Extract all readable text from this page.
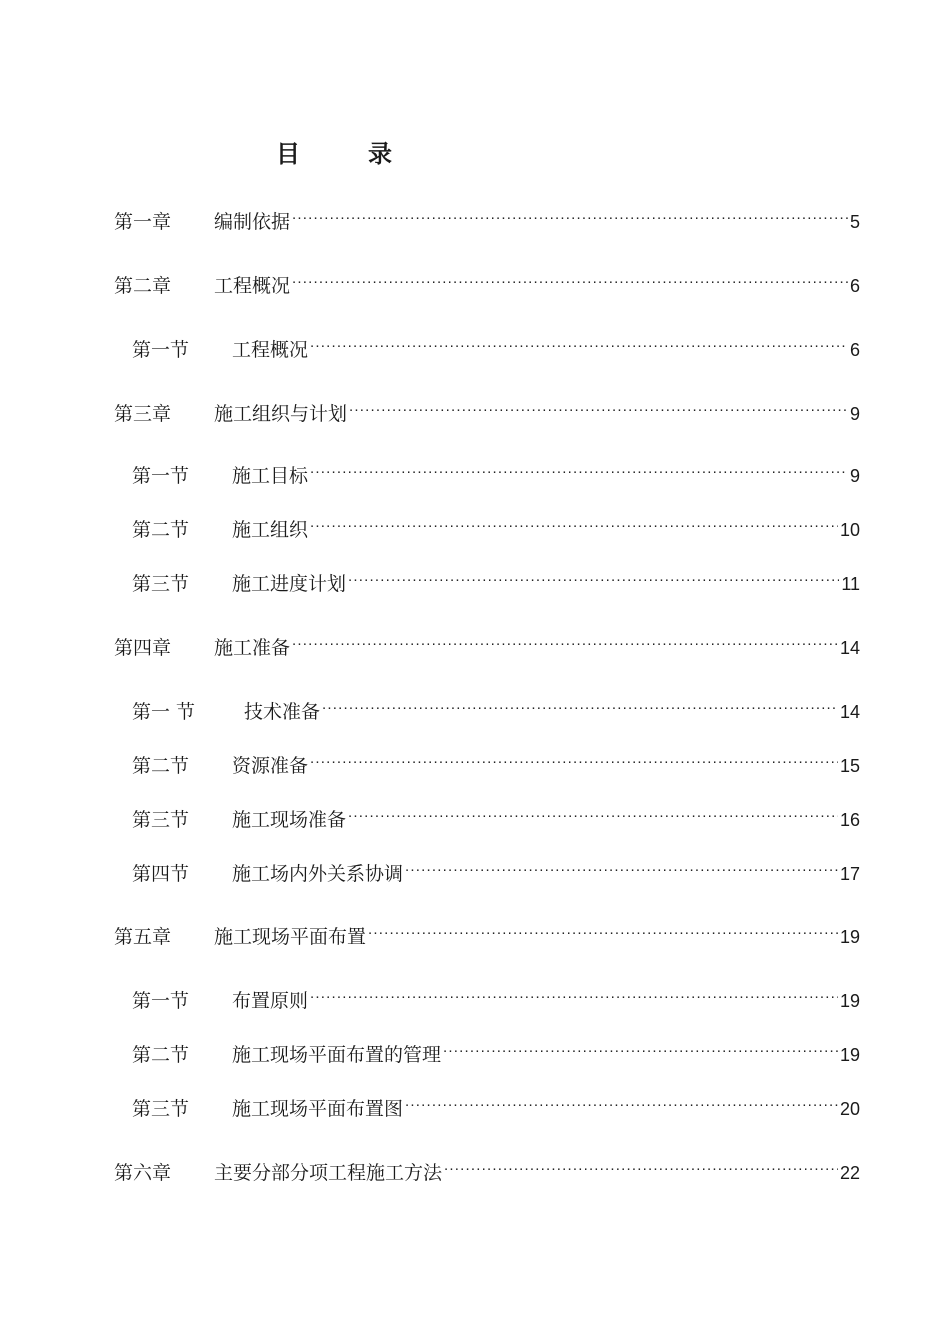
目　录
第一章	编制依据 .....	5
第二章	工程概况 .....	6
第一节	工程概况 .....	6
第三章	施工组织与计划 .....	9
第一节	施工目标 .....	9
第二节	施工组织 .....	10
第三节	施工进度计划 .....	11
第四章	施工准备 .....	14
第一 节	技术准备 .....	14
第二节	资源准备 .....	15
第三节	施工现场准备 .....	16
第四节	施工场内外关系协调 .....	17
第五章	施工现场平面布置 .....	19
第一节	布置原则 .....	19
第二节	施工现场平面布置的管理 .....	19
第三节	施工现场平面布置图 .....	20
第六章	主要分部分项工程施工方法 .....	22
